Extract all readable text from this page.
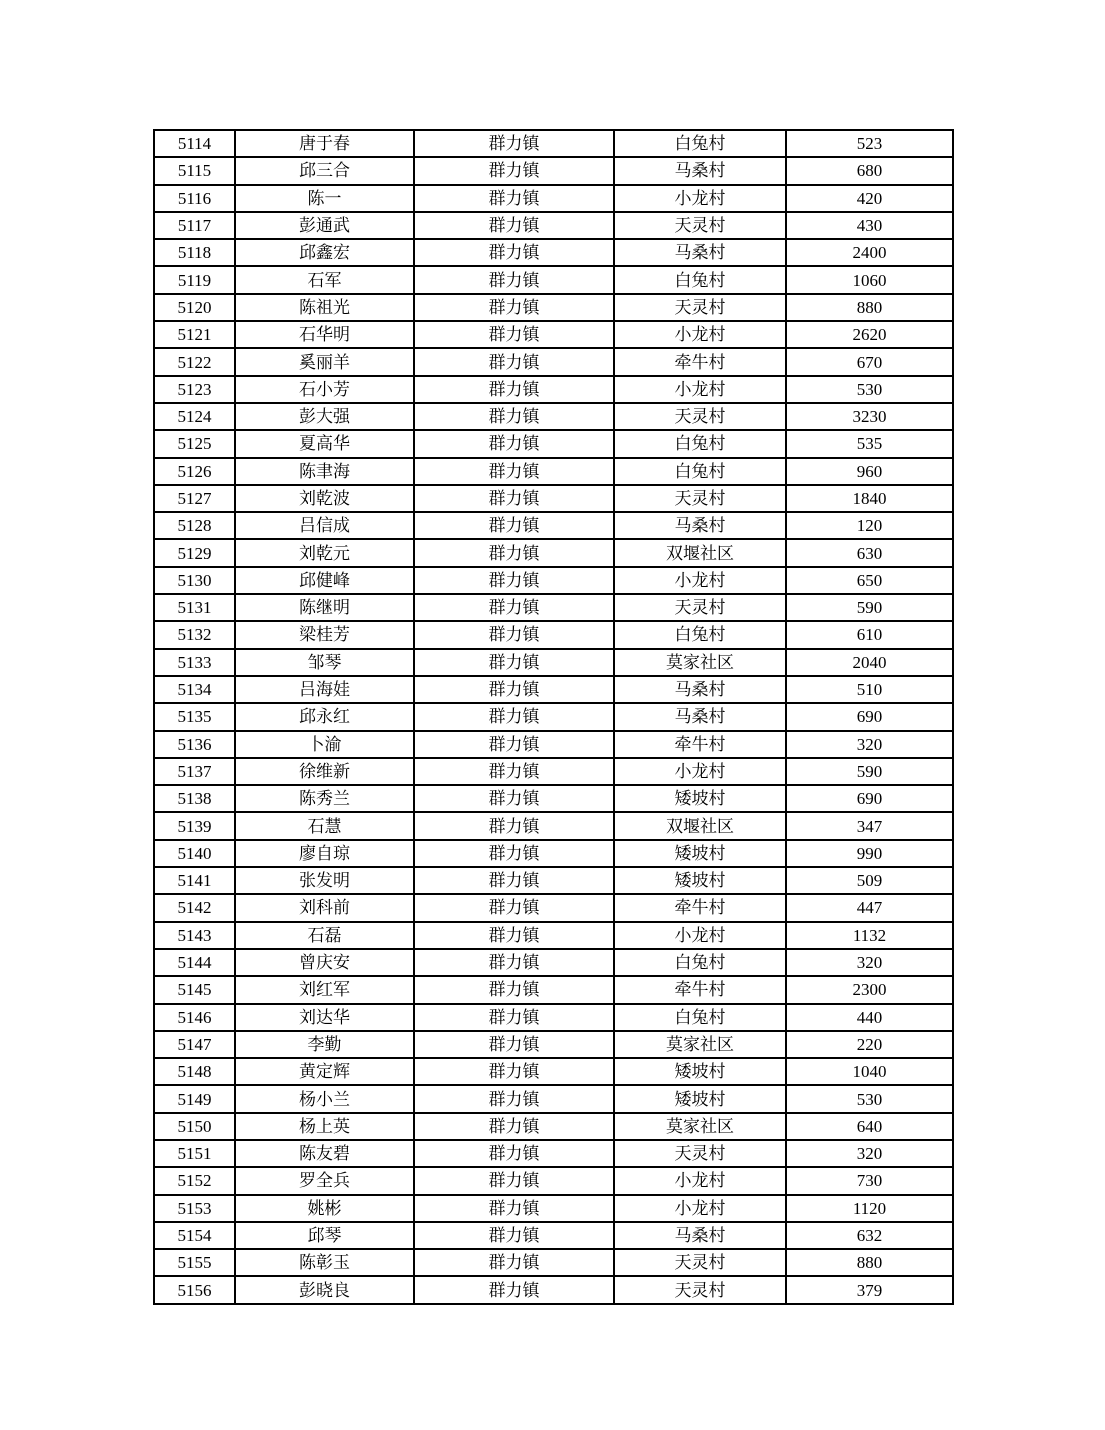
5114	唐于春	群力镇	白兔村	523
5115	邱三合	群力镇	马桑村	680
5116	陈一	群力镇	小龙村	420
5117	彭通武	群力镇	天灵村	430
5118	邱鑫宏	群力镇	马桑村	2400
5119	石军	群力镇	白兔村	1060
5120	陈祖光	群力镇	天灵村	880
5121	石华明	群力镇	小龙村	2620
5122	奚丽羊	群力镇	牵牛村	670
5123	石小芳	群力镇	小龙村	530
5124	彭大强	群力镇	天灵村	3230
5125	夏高华	群力镇	白兔村	535
5126	陈聿海	群力镇	白兔村	960
5127	刘乾波	群力镇	天灵村	1840
5128	吕信成	群力镇	马桑村	120
5129	刘乾元	群力镇	双堰社区	630
5130	邱健峰	群力镇	小龙村	650
5131	陈继明	群力镇	天灵村	590
5132	梁桂芳	群力镇	白兔村	610
5133	邹琴	群力镇	莫家社区	2040
5134	吕海娃	群力镇	马桑村	510
5135	邱永红	群力镇	马桑村	690
5136	卜渝	群力镇	牵牛村	320
5137	徐维新	群力镇	小龙村	590
5138	陈秀兰	群力镇	矮坡村	690
5139	石慧	群力镇	双堰社区	347
5140	廖自琼	群力镇	矮坡村	990
5141	张发明	群力镇	矮坡村	509
5142	刘科前	群力镇	牵牛村	447
5143	石磊	群力镇	小龙村	1132
5144	曾庆安	群力镇	白兔村	320
5145	刘红军	群力镇	牵牛村	2300
5146	刘达华	群力镇	白兔村	440
5147	李勤	群力镇	莫家社区	220
5148	黄定辉	群力镇	矮坡村	1040
5149	杨小兰	群力镇	矮坡村	530
5150	杨上英	群力镇	莫家社区	640
5151	陈友碧	群力镇	天灵村	320
5152	罗全兵	群力镇	小龙村	730
5153	姚彬	群力镇	小龙村	1120
5154	邱琴	群力镇	马桑村	632
5155	陈彰玉	群力镇	天灵村	880
5156	彭晓良	群力镇	天灵村	379
